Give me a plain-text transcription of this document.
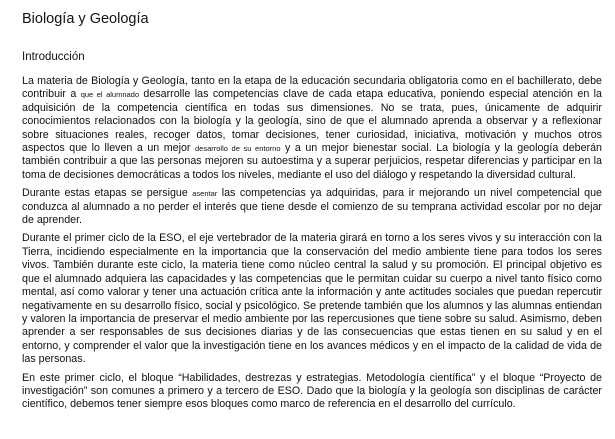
Biología y Geología
Introducción

La materia de Biología y Geología, tanto en la etapa de la educación secundaria obligatoria como en el bachillerato, debe contribuir a que el alumnado desarrolle las competencias clave de cada etapa educativa, poniendo especial atención en la adquisición de la competencia científica en todas sus dimensiones. No se trata, pues, únicamente de adquirir conocimientos relacionados con la biología y la geología, sino de que el alumnado aprenda a observar y a reflexionar sobre situaciones reales, recoger datos, tomar decisiones, tener curiosidad, iniciativa, motivación y muchos otros aspectos que lo lleven a un mejor desarrollo de su entorno y a un mejor bienestar social. La biología y la geología deberán también contribuir a que las personas mejoren su autoestima y a superar perjuicios, respetar diferencias y participar en la toma de decisiones democráticas a todos los niveles, mediante el uso del diálogo y respetando la diversidad cultural.

Durante estas etapas se persigue asentar las competencias ya adquiridas, para ir mejorando un nivel competencial que conduzca al alumnado a no perder el interés que tiene desde el comienzo de su temprana actividad escolar por no dejar de aprender.

Durante el primer ciclo de la ESO, el eje vertebrador de la materia girará en torno a los seres vivos y su interacción con la Tierra, incidiendo especialmente en la importancia que la conservación del medio ambiente tiene para todos los seres vivos. También durante este ciclo, la materia tiene como núcleo central la salud y su promoción. El principal objetivo es que el alumnado adquiera las capacidades y las competencias que le permitan cuidar su cuerpo a nivel tanto físico como mental, así como valorar y tener una actuación crítica ante la información y ante actitudes sociales que puedan repercutir negativamente en su desarrollo físico, social y psicológico. Se pretende también que los alumnos y las alumnas entiendan y valoren la importancia de preservar el medio ambiente por las repercusiones que tiene sobre su salud. Asimismo, deben aprender a ser responsables de sus decisiones diarias y de las consecuencias que estas tienen en su salud y en el entorno, y comprender el valor que la investigación tiene en los avances médicos y en el impacto de la calidad de vida de las personas.

En este primer ciclo, el bloque “Habilidades, destrezas y estrategias. Metodología científica” y el bloque “Proyecto de investigación” son comunes a primero y a tercero de ESO. Dado que la biología y la geología son disciplinas de carácter científico, debemos tener siempre esos bloques como marco de referencia en el desarrollo del currículo.
